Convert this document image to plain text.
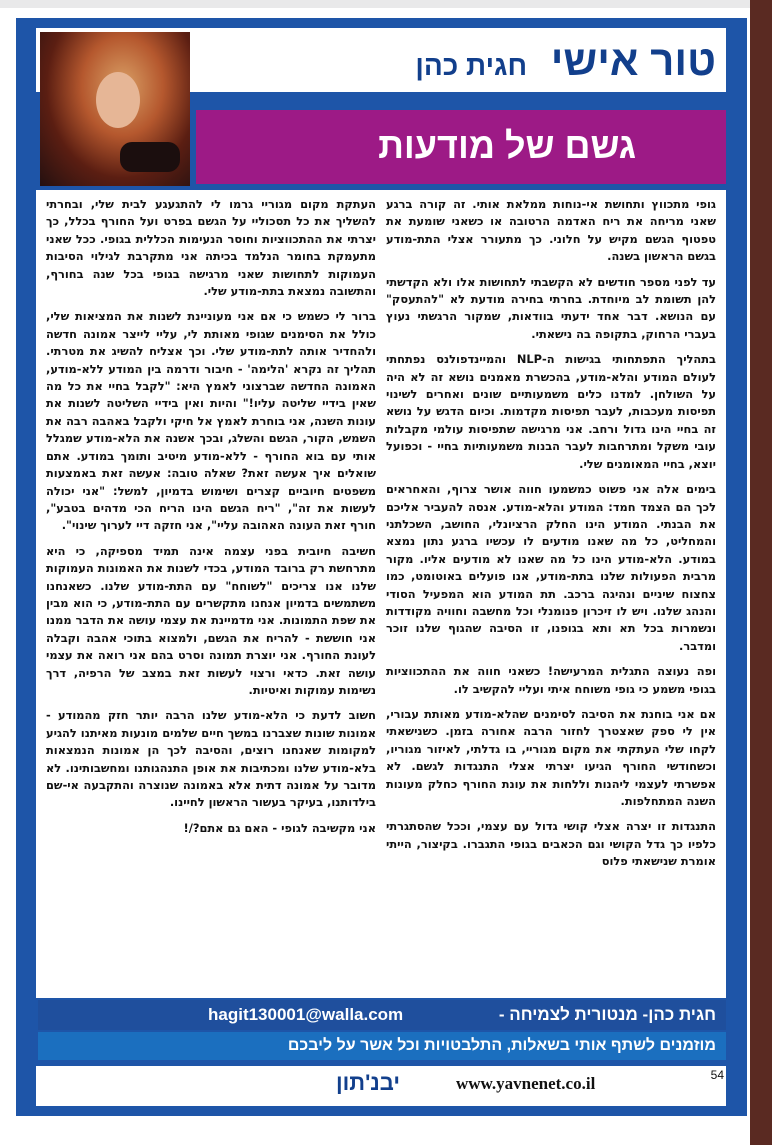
טור אישי חגית כהן
גשם של מודעות

גופי מתכווץ ותחושת אי-נוחות ממלאת אותי. זה קורה ברגע שאני מריחה את ריח האדמה הרטובה או כשאני שומעת את טפטוף הגשם מקיש על חלוני. כך מתעורר אצלי התת-מודע בגשם הראשון בשנה.

עד לפני מספר חודשים לא הקשבתי לתחושות אלו ולא הקדשתי להן תשומת לב מיוחדת. בחרתי בחירה מודעת לא "להתעסק" עם הנושא. דבר אחד ידעתי בוודאות, שמקור הרגשתי נעוץ בעברי הרחוק, בתקופה בה נישאתי.

בתהליך התפתחותי בגישות ה-NLP והמיינדפולנס נפתחתי לעולם המודע והלא-מודע, בהכשרת מאמנים נושא זה לא היה על השולחן. למדנו כלים משמעותיים שונים ואחרים לשינוי תפיסות מעכבות, לעבר תפיסות מקדמות. וכיום הדגש על נושא זה בחיי הינו גדול ורחב. אני מרגישה שתפיסות עולמי מקבלות עובי משקל ומתרחבות לעבר הבנות משמעותיות בחיי - וכפועל יוצא, בחיי המאומנים שלי.

בימים אלה אני פשוט כמשמעו חווה אושר צרוף, והאחראים לכך הם הצמד חמד: המודע והלא-מודע. אנסה להעביר אליכם את הבנתי. המודע הינו החלק הרציונלי, החושב, השכלתני והמחליט, כל מה שאנו מודעים לו עכשיו ברגע נתון נמצא במודע. הלא-מודע הינו כל מה שאנו לא מודעים אליו. מקור מרבית הפעולות שלנו בתת-מודע, אנו פועלים באוטומט, כמו צחצוח שיניים ונהיגה ברכב. תת המודע הוא המפעיל הסודי והנהג שלנו. ויש לו זיכרון פנומנלי וכל מחשבה וחוויה מקודדות ונשמרות בכל תא ותא בגופנו, זו הסיבה שהגוף שלנו זוכר ומדבר.

ופה נעוצה התגלית המרעישה! כשאני חווה את ההתכווציות בגופי משמע כי גופי משוחח איתי ועליי להקשיב לו.

אם אני בוחנת את הסיבה לסימנים שהלא-מודע מאותת עבורי, אין לי ספק שאצטרך לחזור הרבה אחורה בזמן. כשנישאתי לקחו שלי העתקתי את מקום מגוריי, בו גדלתי, לאיזור מגוריו, וכשחודשי החורף הגיעו יצרתי אצלי התנגדות לגשם. לא אפשרתי לעצמי ליהנות וללחות את עונת החורף כחלק מעונות השנה המתחלפות.

התנגדות זו יצרה אצלי קושי גדול עם עצמי, וככל שהסתגרתי כלפיו כך גדל הקושי וגם הכאבים בגופי התגברו. בקיצור, הייתי אומרת שנישאתי פלוס

העתקת מקום מגוריי גרמו לי להתגעגע לבית שלי, ובחרתי להשליך את כל תסכוליי על הגשם בפרט ועל החורף בכלל, כך יצרתי את ההתכווציות וחוסר הנעימות הכללית בגופי. ככל שאני מתעמקת בחומר הנלמד בכיתה אני מתקרבת לגילוי הסיבות העמוקות לתחושות שאני מרגישה בגופי בכל שנה בחורף, והתשובה נמצאת בתת-מודע שלי.

ברור לי כשמש כי אם אני מעוניינת לשנות את המציאות שלי, כולל את הסימנים שגופי מאותת לי, עליי לייצר אמונה חדשה ולהחדיר אותה לתת-מודע שלי. וכך אצליח להשיג את מטרתי. תהליך זה נקרא 'הלימה' - חיבור ודרמה בין המודע ללא-מודע, האמונה החדשה שברצוני לאמץ היא: "לקבל בחיי את כל מה שאין בידיי שליטה עליו!" והיות ואין בידיי השליטה לשנות את עונות השנה, אני בוחרת לאמץ אל חיקי ולקבל באהבה רבה את השמש, הקור, הגשם והשלג, ובכך אשנה את הלא-מודע שמגלל אותי עם בוא החורף - ללא-מודע מיטיב ותומך במודע. אתם שואלים איך אעשה זאת? שאלה טובה: אעשה זאת באמצעות משפטים חיוביים קצרים ושימוש בדמיון, למשל: "אני יכולה לעשות את זה", "ריח הגשם הינו הריח הכי מדהים בטבע", חורף זאת העונה האהובה עליי", אני חזקה דיי לערוך שינוי".

חשיבה חיובית בפני עצמה אינה תמיד מספיקה, כי היא מתרחשת רק ברובד המודע, בכדי לשנות את האמונות העמוקות שלנו אנו צריכים "לשוחח" עם התת-מודע שלנו. כשאנחנו משתמשים בדמיון אנחנו מתקשרים עם התת-מודע, כי הוא מבין את שפת התמונות. אני מדמיינת את עצמי עושה את הדבר ממנו אני חוששת - להריח את הגשם, ולמצוא בתוכי אהבה וקבלה לעונת החורף. אני יוצרת תמונה וסרט בהם אני רואה את עצמי עושה זאת. כדאי ורצוי לעשות זאת במצב של הרפיה, דרך נשימות עמוקות ואיטיות.

חשוב לדעת כי הלא-מודע שלנו הרבה יותר חזק מהמודע - אמונות שונות שצברנו במשך חיים שלמים מונעות מאיתנו להגיע למקומות שאנחנו רוצים, והסיבה לכך הן אמונות הנמצאות בלא-מודע שלנו ומכתיבות את אופן התנהגותנו ומחשבותינו. לא מדובר על אמונה דתית אלא באמונה שנוצרה והתקבעה אי-שם בילדותנו, בעיקר בעשור הראשון לחיינו.

אני מקשיבה לגופי - האם גם אתם?/!

חגית כהן- מנטורית לצמיחה -
hagit130001@walla.com
מוזמנים לשתף אותי בשאלות, התלבטויות וכל אשר על ליבכם
יבנ'תון	www.yavnenet.co.il	54
